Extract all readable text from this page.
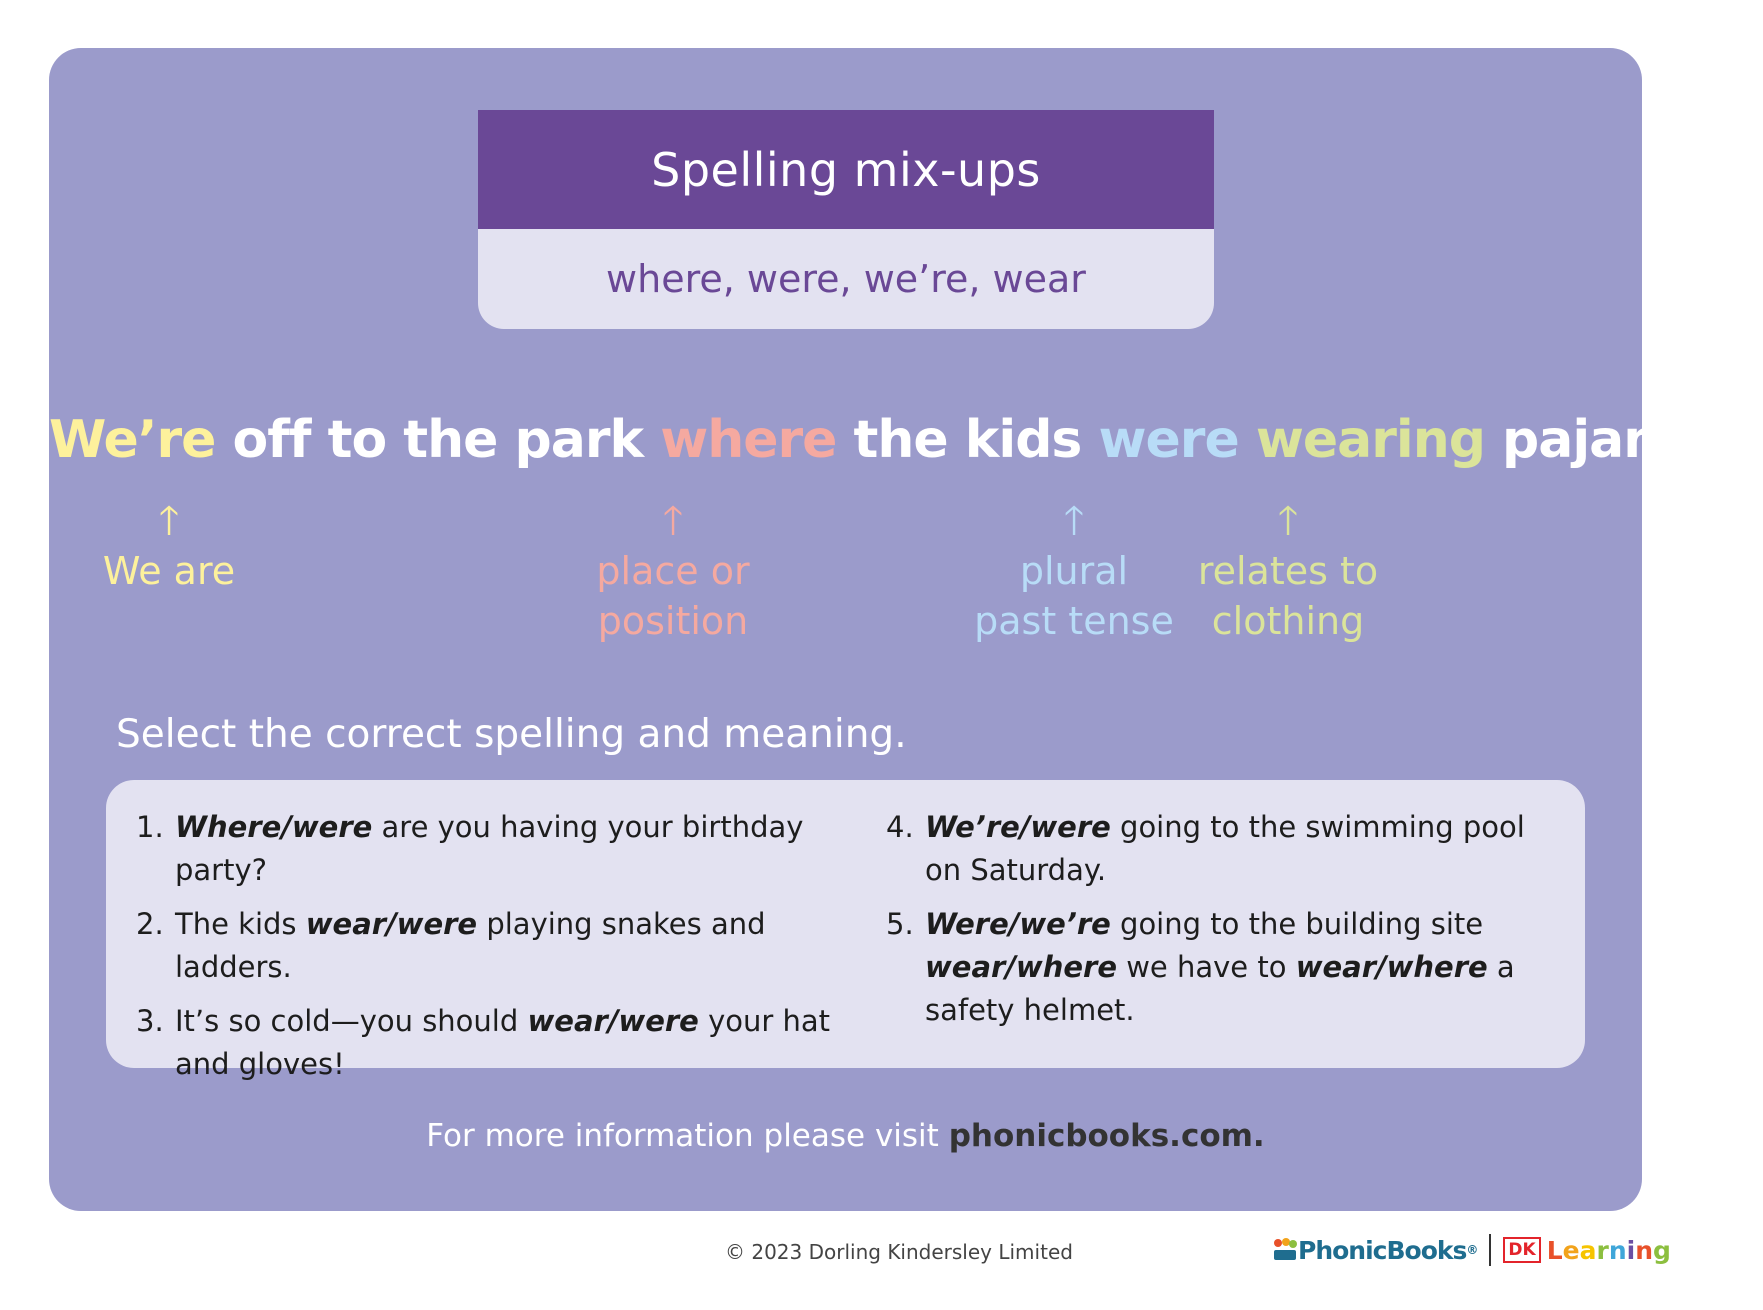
Spelling mix-ups
where, were, we’re, wear
We’re off to the park where the kids were wearing pajamas!
🡑
We are
🡑
place or
position
🡑
plural
past tense
🡑
relates to
clothing
Select the correct spelling and meaning.
1. Where/were are you having your birthday party?
2. The kids wear/were playing snakes and ladders.
3. It’s so cold—you should wear/were your hat and gloves!
4. We’re/were going to the swimming pool on Saturday.
5. Were/we’re going to the building site wear/where we have to wear/where a safety helmet.
For more information please visit phonicbooks.com.
© 2023 Dorling Kindersley Limited	PhonicBooks ® DK Learning
